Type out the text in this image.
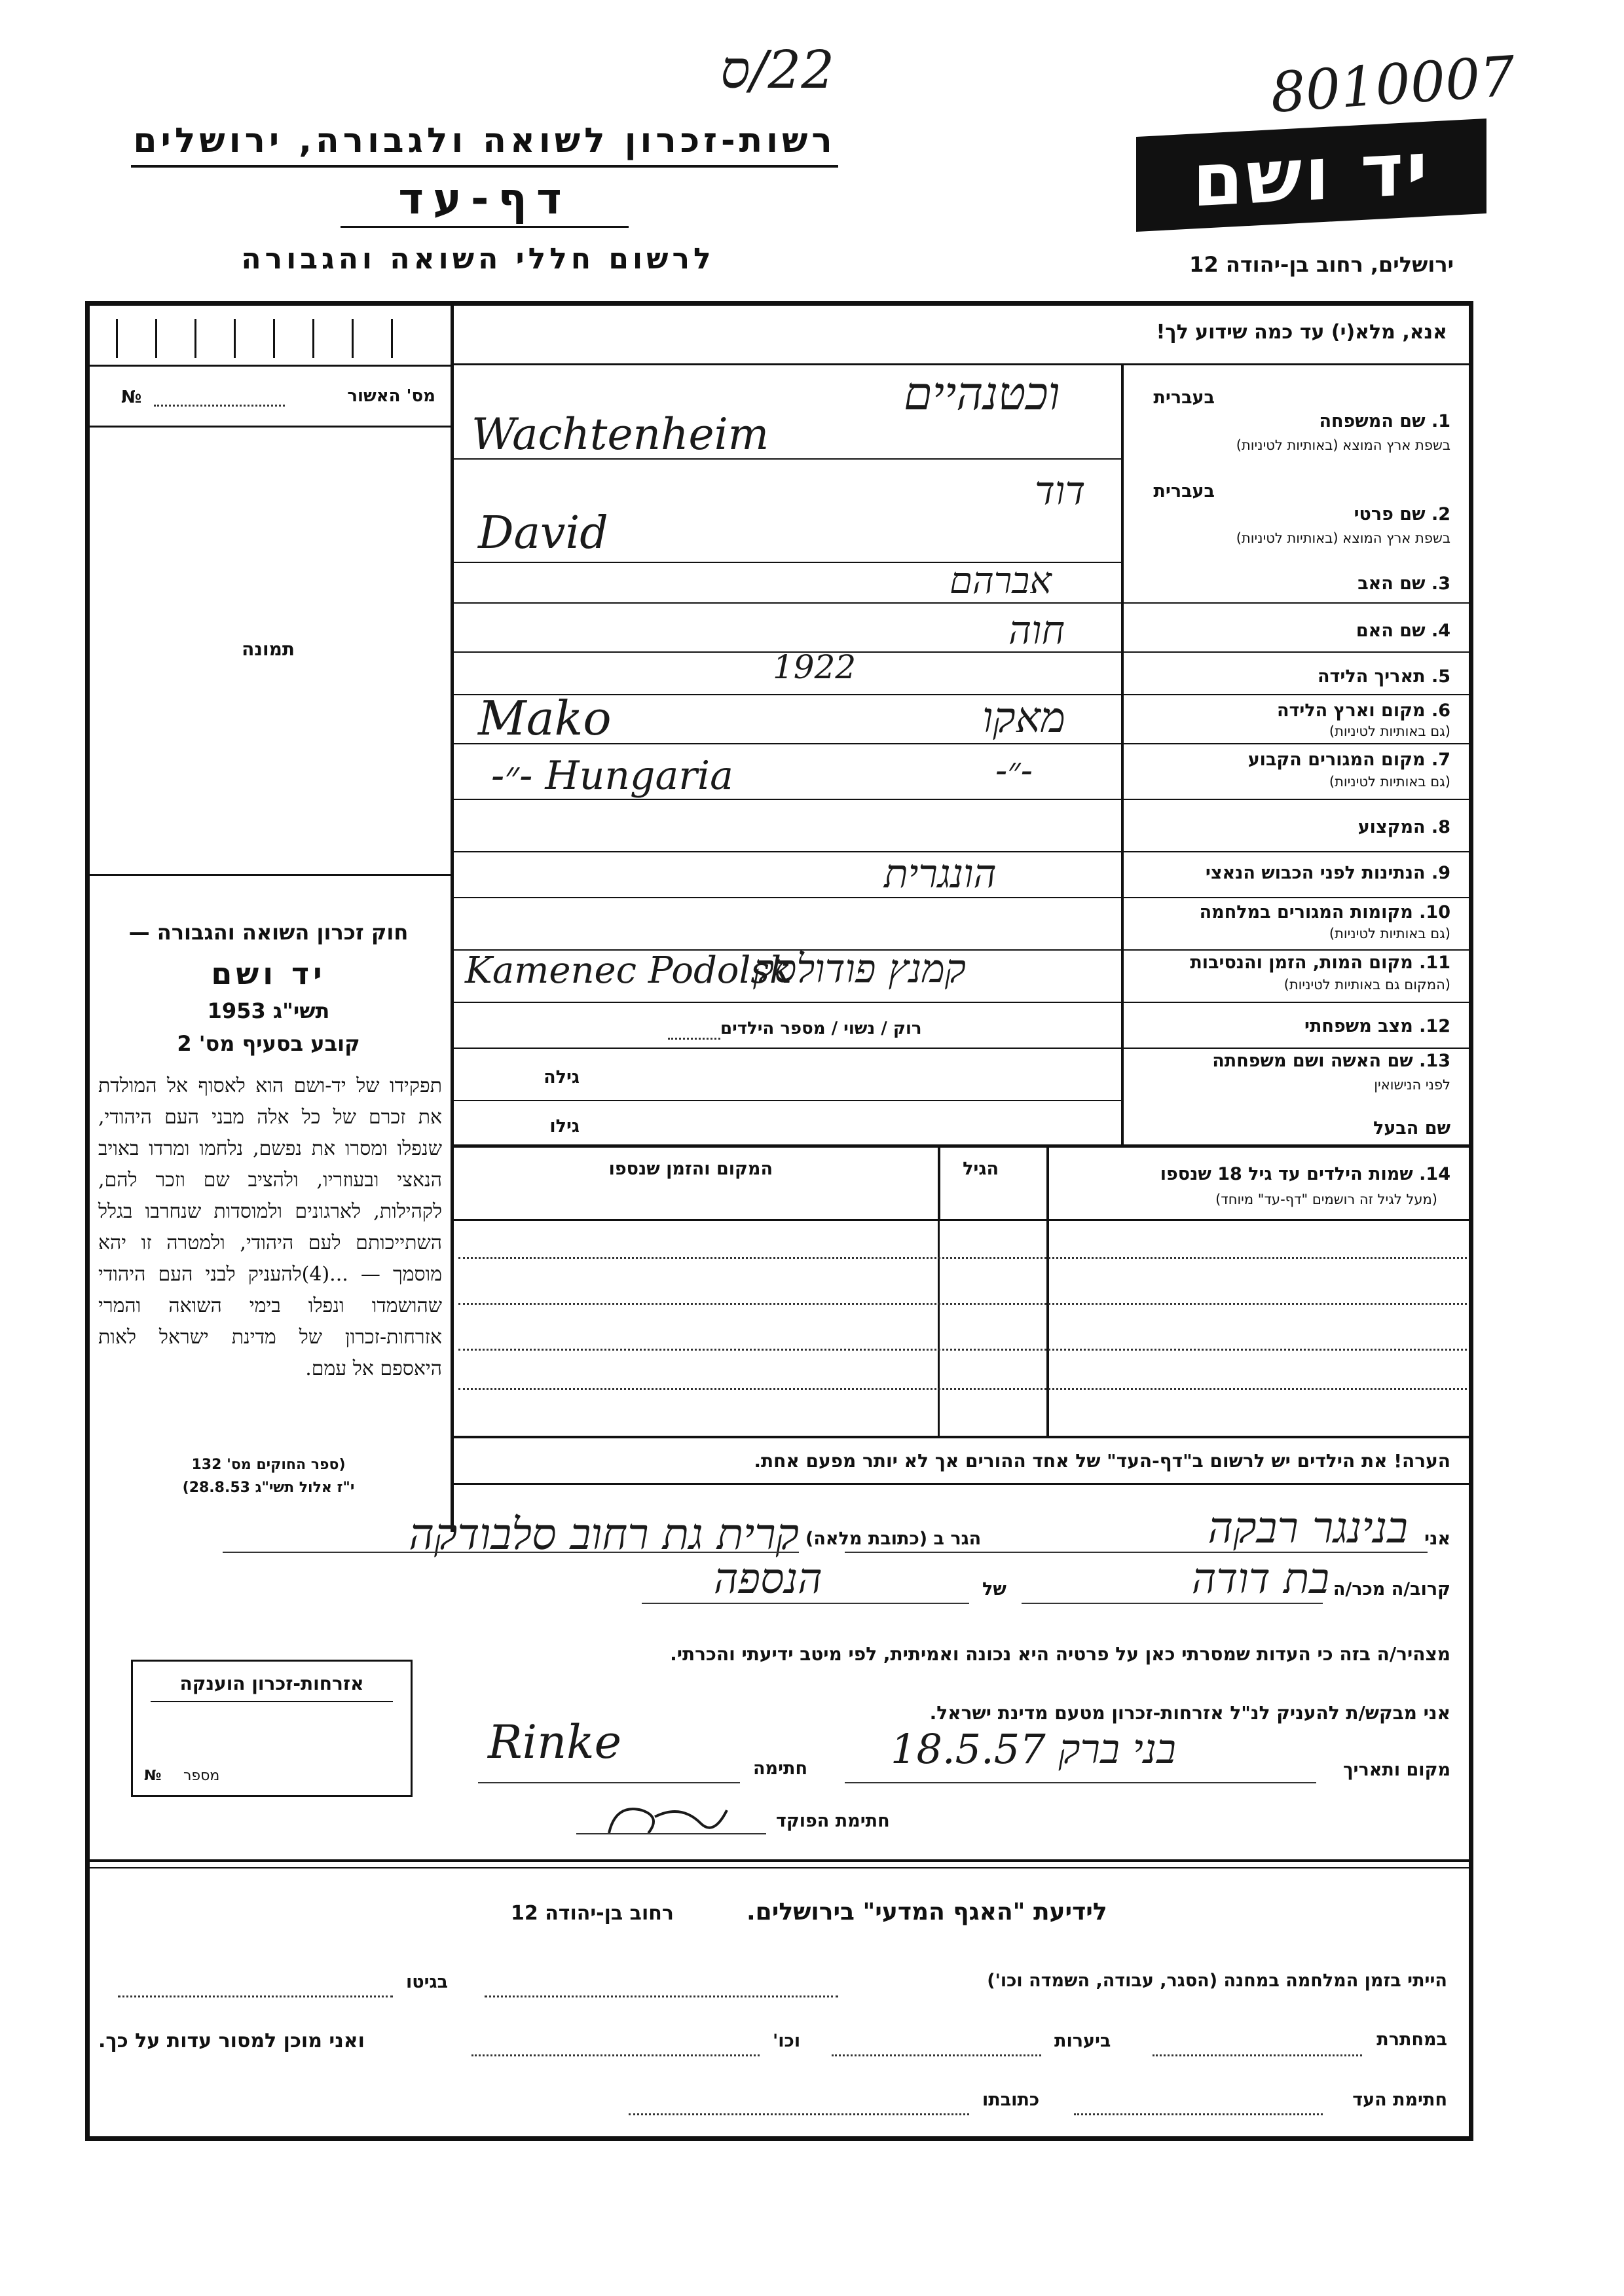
22/ס	8010007
רשות-זכרון לשואה ולגבורה, ירושלים
דף-עד
לרשום חללי השואה והגבורה
יד ושם
ירושלים, רחוב בן-יהודה 12
מס' האשור
№
תמונה
חוק זכרון השואה והגבורה —
יד ושם
תשי"ג 1953
קובע בסעיף מס' 2
תפקידו של יד-ושם הוא לאסוף אל המולדת את זכרם של כל אלה מבני העם היהודי, שנפלו ומסרו את נפשם, נלחמו ומרדו באויב הנאצי ובעוזריו, ולהציב שם וזכר להם, לקהילות, לארגונים ולמוסדות שנחרבו בגלל השתייכותם לעם היהודי, ולמטרה זו יהא מוסמך — ...(4)להעניק לבני העם היהודי שהושמדו ונפלו בימי השואה והמרי אזרחות-זכרון של מדינת ישראל לאות היאספם אל עמם.
(ספר החוקים מס' 132
י"ז אלול תשי"ג 28.8.53)
אנא, מלא(י) עד כמה שידוע לך!
בעברית
1. שם המשפחה
בשפת ארץ המוצא (באותיות לטיניות)
וכטנהיים
Wachtenheim
בעברית
2. שם פרטי
בשפת ארץ המוצא (באותיות לטיניות)
דוד
David
3. שם האב
אברהם
4. שם האם
חוה
5. תאריך הלידה
1922
6. מקום וארץ הלידה
(גם באותיות לטיניות)
מאקו
Mako
7. מקום המגורים הקבוע
(גם באותיות לטיניות)
-״-
-״- Hungaria
8. המקצוע
9. הנתינות לפני הכבוש הנאצי
הונגרית
10. מקומות המגורים במלחמה
(גם באותיות לטיניות)
11. מקום המות, הזמן והנסיבות
(המקום גם באותיות לטיניות)
קמנץ פודולסק
Kamenec Podolsk
12. מצב משפחתי
רוק / נשוי / מספר הילדים
13. שם האשה ושם משפחתה
לפני הנישואין
גילה
שם הבעל
גילו
14. שמות הילדים עד גיל 18 שנספו
(מעל לגיל זה רושמים "דף-עד" מיוחד)
הגיל
המקום והזמן שנספו
הערה! את הילדים יש לרשום ב"דף-העד" של אחד ההורים אך לא יותר מפעם אחת.
אני
בנינגר רבקה
הגר ב (כתובת מלאה)
קרית גת רחוב סלבודקה
קרוב/ה מכר/ה
בת דודה
של
הנספה
מצהיר/ה בזה כי העדות שמסרתי כאן על פרטיה היא נכונה ואמיתית, לפי מיטב ידיעתי והכרתי.
אני מבקש/ת להעניק לנ"ל אזרחות-זכרון מטעם מדינת ישראל.
מקום ותאריך
בני ברק 18.5.57
חתימה
Rinke
חתימת הפוקד
אזרחות-זכרון הוענקה
מספר
№
לידיעת "האגף המדעי" בירושלים.
רחוב בן-יהודה 12
הייתי בזמן המלחמה במחנה (הסגר, עבודה, השמדה וכו')
בגיטו
במחתרת
ביערות
וכו'
ואני מוכן למסור עדות על כך.
חתימת העד
כתובתו
